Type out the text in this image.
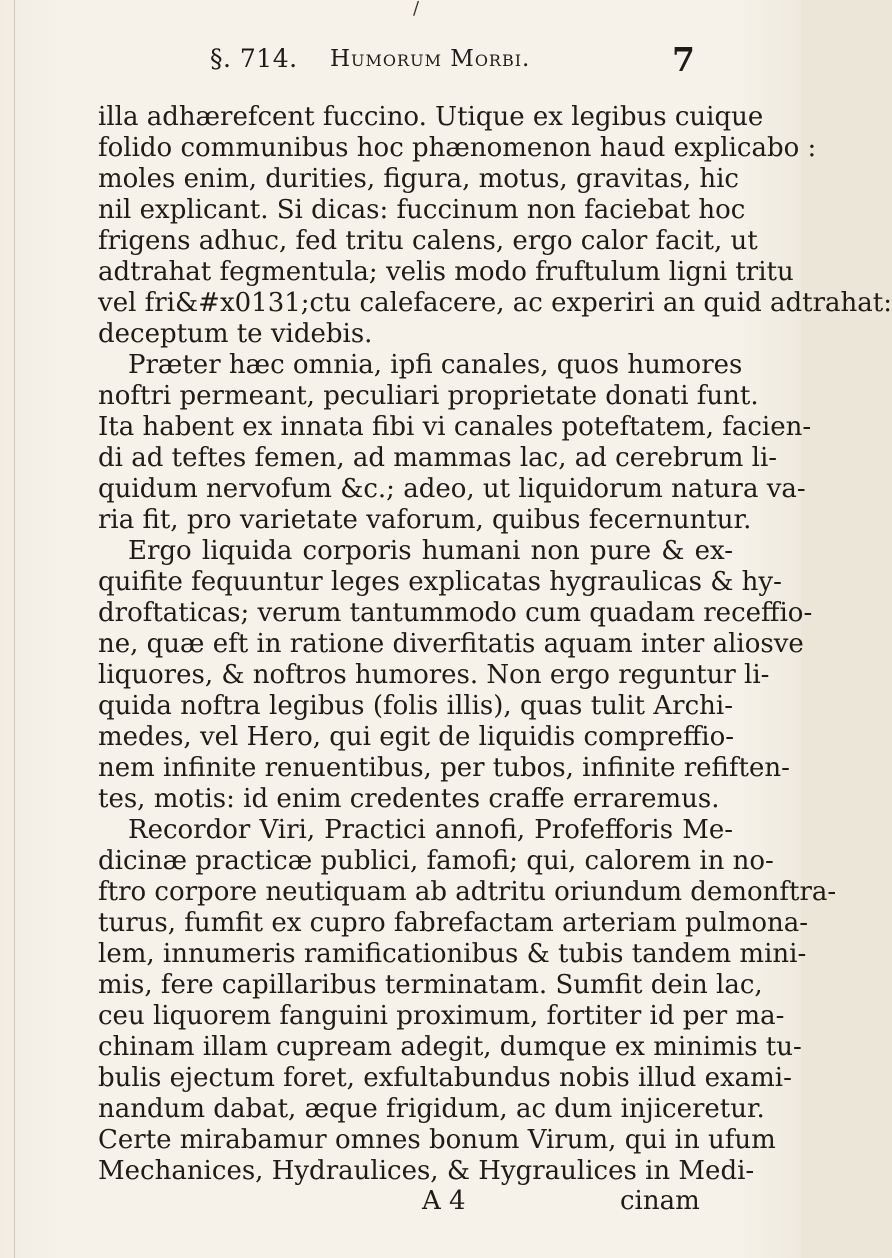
/
§. 714. Humorum Morbi.	7
illa adhærefcent fuccino. Utique ex legibus cuique
folido communibus hoc phænomenon haud explicabo :
moles enim, durities, figura, motus, gravitas, hic
nil explicant. Si dicas: fuccinum non faciebat hoc
frigens adhuc, fed tritu calens, ergo calor facit, ut
adtrahat fegmentula; velis modo fruftulum ligni tritu
vel fri&#x0131;ctu calefacere, ac experiri an quid adtrahat:
deceptum te videbis.
Præter hæc omnia, ipfi canales, quos humores
noftri permeant, peculiari proprietate donati funt.
Ita habent ex innata fibi vi canales poteftatem, facien-
di ad teftes femen, ad mammas lac, ad cerebrum li-
quidum nervofum &c.; adeo, ut liquidorum natura va-
ria fit, pro varietate vaforum, quibus fecernuntur.
Ergo liquida corporis humani non pure & ex-
quifite fequuntur leges explicatas hygraulicas & hy-
droftaticas; verum tantummodo cum quadam receffio-
ne, quæ eft in ratione diverfitatis aquam inter aliosve
liquores, & noftros humores. Non ergo reguntur li-
quida noftra legibus (folis illis), quas tulit Archi-
medes, vel Hero, qui egit de liquidis compreffio-
nem infinite renuentibus, per tubos, infinite refiften-
tes, motis: id enim credentes craffe erraremus.
Recordor Viri, Practici annofi, Profefforis Me-
dicinæ practicæ publici, famofi; qui, calorem in no-
ftro corpore neutiquam ab adtritu oriundum demonftra-
turus, fumfit ex cupro fabrefactam arteriam pulmona-
lem, innumeris ramificationibus & tubis tandem mini-
mis, fere capillaribus terminatam. Sumfit dein lac,
ceu liquorem fanguini proximum, fortiter id per ma-
chinam illam cupream adegit, dumque ex minimis tu-
bulis ejectum foret, exfultabundus nobis illud exami-
nandum dabat, æque frigidum, ac dum injiceretur.
Certe mirabamur omnes bonum Virum, qui in ufum
Mechanices, Hydraulices, & Hygraulices in Medi-
A 4	cinam
